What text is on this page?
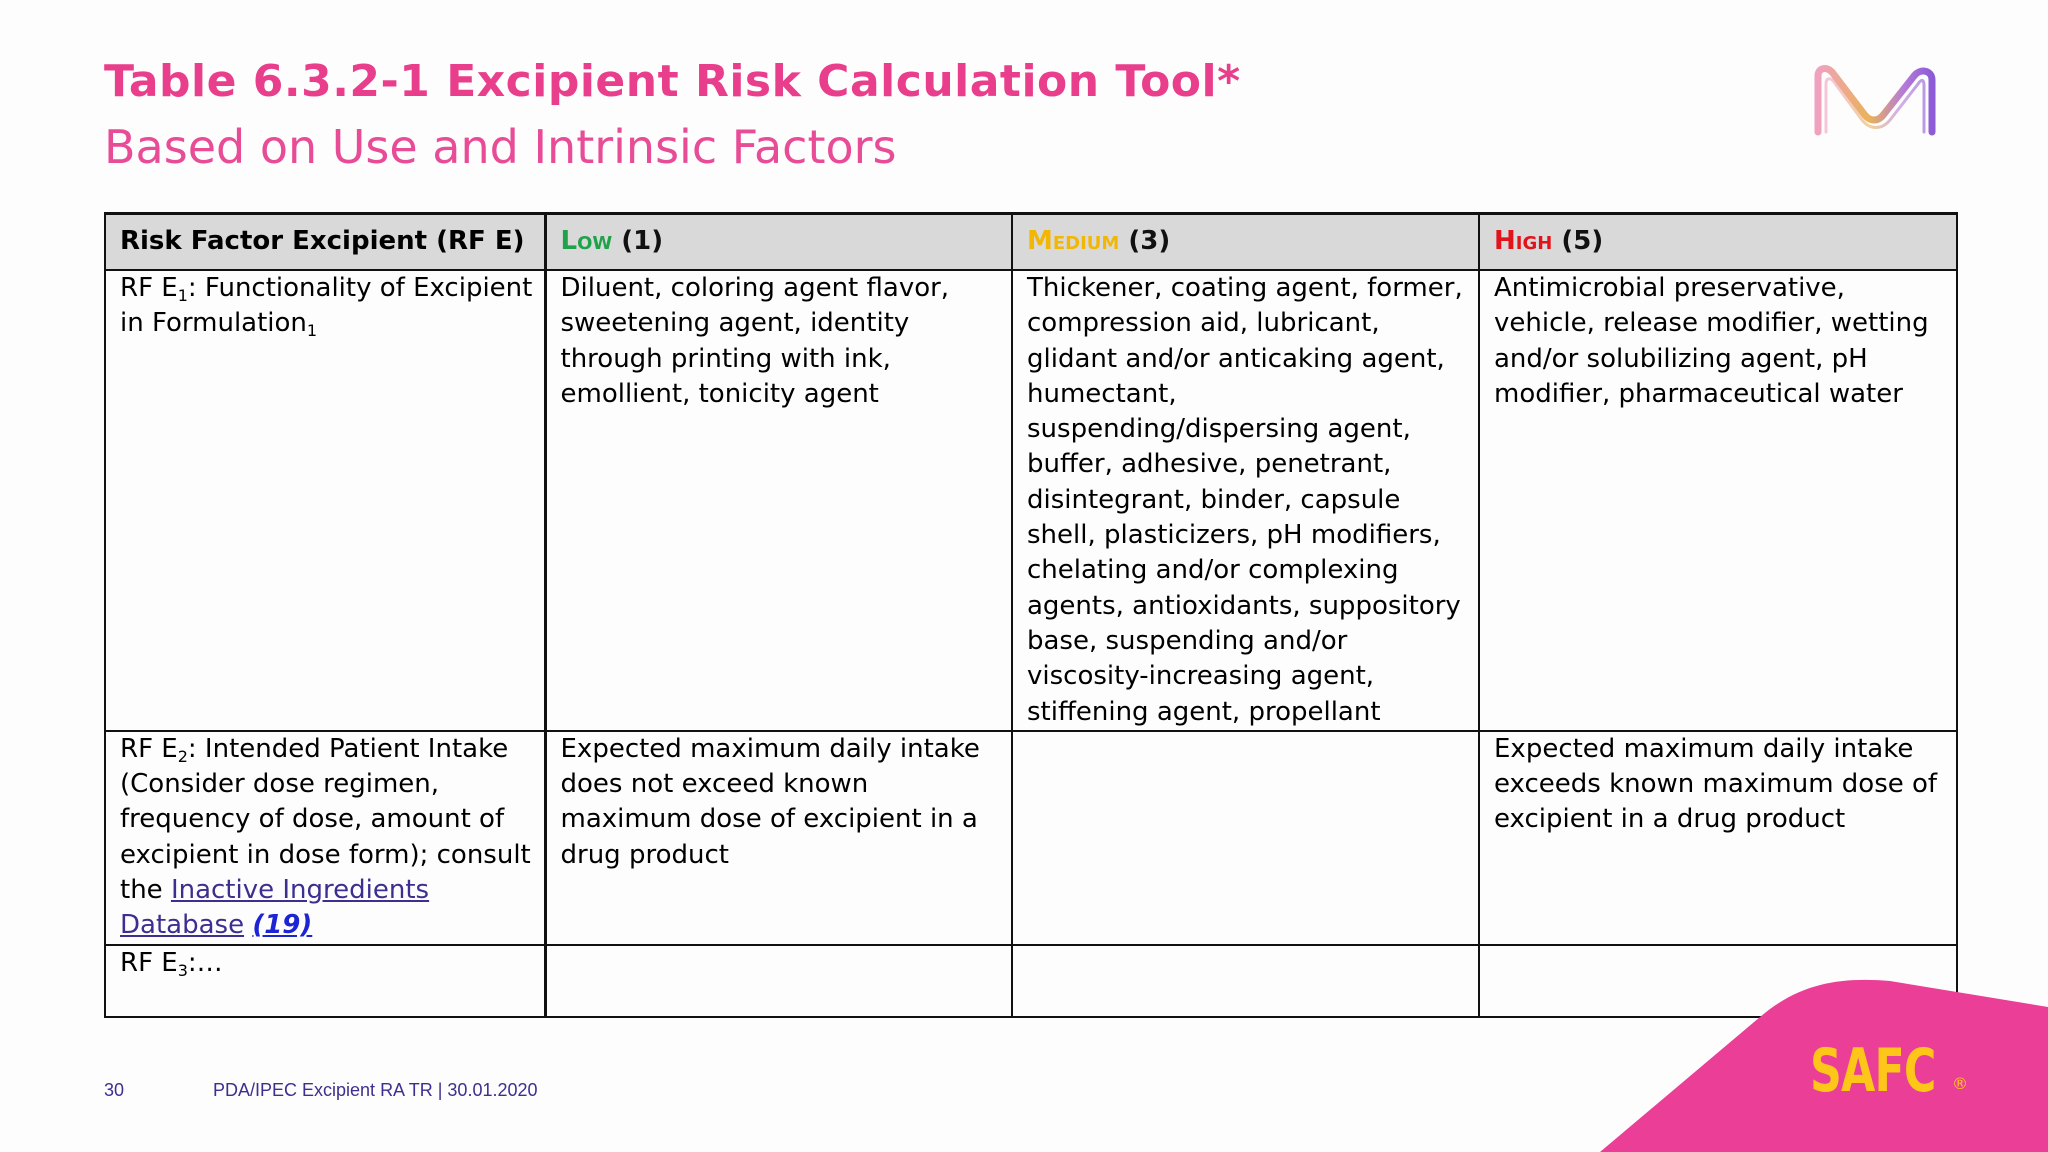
Table 6.3.2-1 Excipient Risk Calculation Tool*
Based on Use and Intrinsic Factors
Risk Factor Excipient (RF E)	Low (1)	Medium (3)	High (5)
RF $E_1$: Functionality of Excipient in Formulation$_1$	Diluent, coloring agent flavor, sweetening agent, identity through printing with ink, emollient, tonicity agent	Thickener, coating agent, former, compression aid, lubricant, glidant and/or anticaking agent, humectant, suspending/dispersing agent, buffer, adhesive, penetrant, disintegrant, binder, capsule shell, plasticizers, pH modifiers, chelating and/or complexing agents, antioxidants, suppository base, suspending and/or viscosity-increasing agent, stiffening agent, propellant	Antimicrobial preservative, vehicle, release modifier, wetting and/or solubilizing agent, pH modifier, pharmaceutical water
RF $E_2$: Intended Patient Intake (Consider dose regimen, frequency of dose, amount of excipient in dose form); consult the Inactive Ingredients Database (19)	Expected maximum daily intake does not exceed known maximum dose of excipient in a drug product		Expected maximum daily intake exceeds known maximum dose of excipient in a drug product
RF $E_3:\dots$			
30	PDA/IPEC Excipient RA TR | 30.01.2020	SAFC ®
